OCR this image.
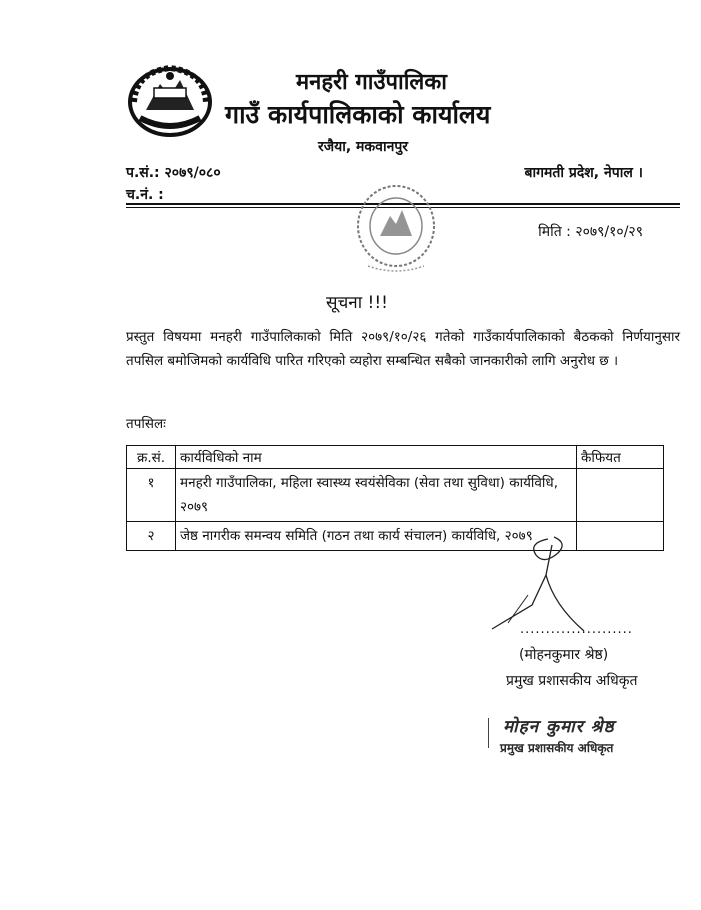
मनहरी गाउँपालिका
गाउँ कार्यपालिकाको कार्यालय
रजैया, मकवानपुर
प.सं.: २०७९/०८०
च.नं. :
बागमती प्रदेश, नेपाल ।
मिति : २०७९/१०/२९
सूचना !!!
प्रस्तुत विषयमा मनहरी गाउँपालिकाको मिति २०७९/१०/२६ गतेको गाउँकार्यपालिकाको बैठकको निर्णयानुसार तपसिल बमोजिमको कार्यविधि पारित गरिएको व्यहोरा सम्बन्धित सबैको जानकारीको लागि अनुरोध छ ।
तपसिलः
क्र.सं.	कार्यविधिको नाम	कैफियत
१	मनहरी गाउँपालिका, महिला स्वास्थ्य स्वयंसेविका (सेवा तथा सुविधा) कार्यविधि, २०७९	
२	जेष्ठ नागरीक समन्वय समिति (गठन तथा कार्य संचालन) कार्यविधि, २०७९	
......................
(मोहनकुमार श्रेष्ठ)
प्रमुख प्रशासकीय अधिकृत
मोहन कुमार श्रेष्ठ
प्रमुख प्रशासकीय अधिकृत
